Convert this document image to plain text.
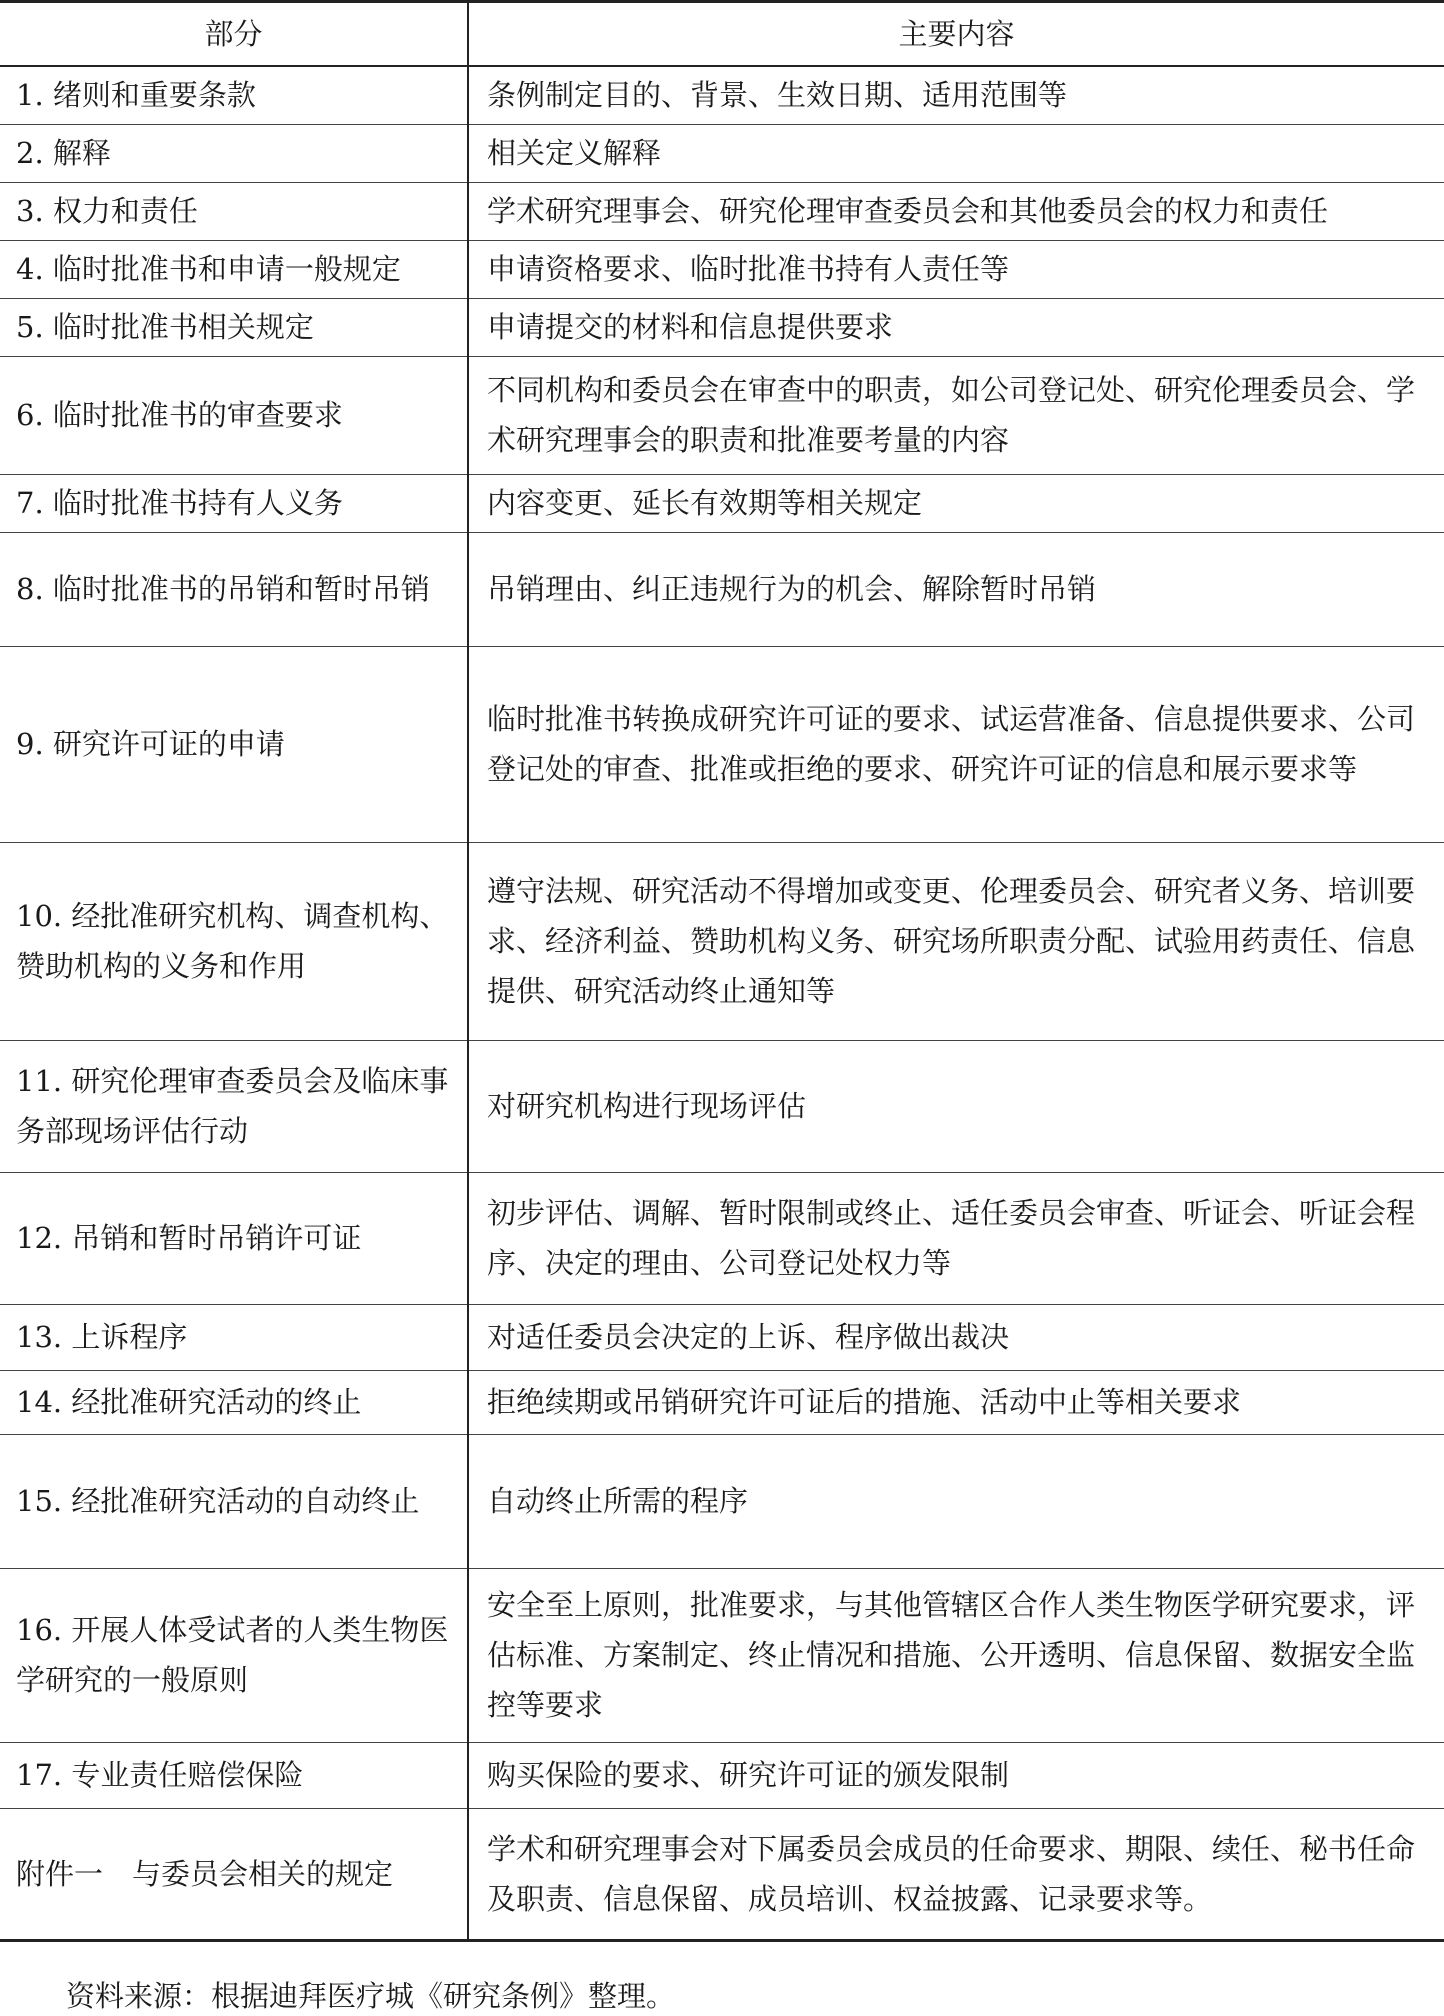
部分	主要内容
1. 绪则和重要条款	条例制定目的、背景、生效日期、适用范围等
2. 解释	相关定义解释
3. 权力和责任	学术研究理事会、研究伦理审查委员会和其他委员会的权力和责任
4. 临时批准书和申请一般规定	申请资格要求、临时批准书持有人责任等
5. 临时批准书相关规定	申请提交的材料和信息提供要求
6. 临时批准书的审查要求	不同机构和委员会在审查中的职责，如公司登记处、研究伦理委员会、学术研究理事会的职责和批准要考量的内容
7. 临时批准书持有人义务	内容变更、延长有效期等相关规定
8. 临时批准书的吊销和暂时吊销	吊销理由、纠正违规行为的机会、解除暂时吊销
9. 研究许可证的申请	临时批准书转换成研究许可证的要求、试运营准备、信息提供要求、公司登记处的审查、批准或拒绝的要求、研究许可证的信息和展示要求等
10. 经批准研究机构、调查机构、赞助机构的义务和作用	遵守法规、研究活动不得增加或变更、伦理委员会、研究者义务、培训要求、经济利益、赞助机构义务、研究场所职责分配、试验用药责任、信息提供、研究活动终止通知等
11. 研究伦理审查委员会及临床事务部现场评估行动	对研究机构进行现场评估
12. 吊销和暂时吊销许可证	初步评估、调解、暂时限制或终止、适任委员会审查、听证会、听证会程序、决定的理由、公司登记处权力等
13. 上诉程序	对适任委员会决定的上诉、程序做出裁决
14. 经批准研究活动的终止	拒绝续期或吊销研究许可证后的措施、活动中止等相关要求
15. 经批准研究活动的自动终止	自动终止所需的程序
16. 开展人体受试者的人类生物医学研究的一般原则	安全至上原则，批准要求，与其他管辖区合作人类生物医学研究要求，评估标准、方案制定、终止情况和措施、公开透明、信息保留、数据安全监控等要求
17. 专业责任赔偿保险	购买保险的要求、研究许可证的颁发限制
附件一　与委员会相关的规定	学术和研究理事会对下属委员会成员的任命要求、期限、续任、秘书任命及职责、信息保留、成员培训、权益披露、记录要求等。
资料来源：根据迪拜医疗城《研究条例》整理。
